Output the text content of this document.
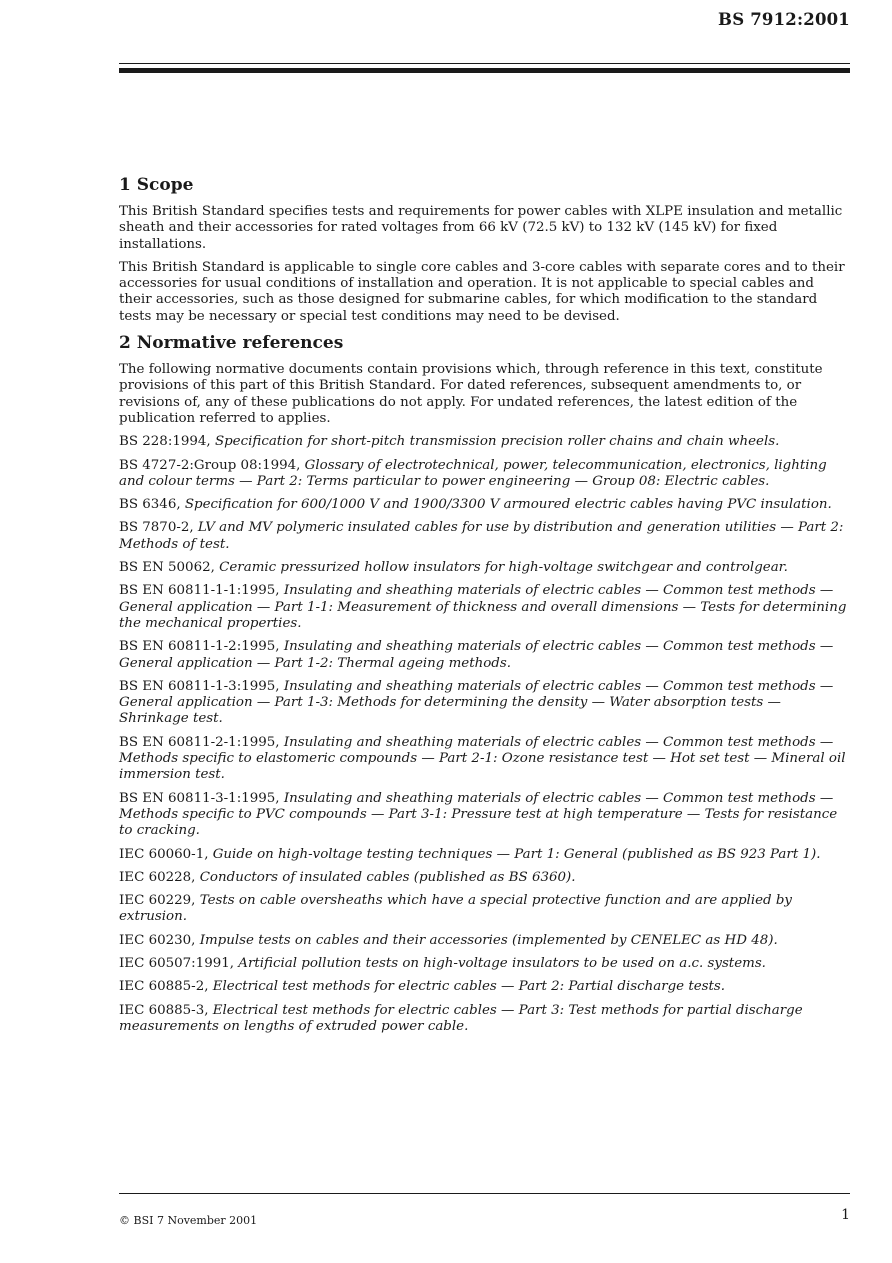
BS 7912:2001
1 Scope

This British Standard specifies tests and requirements for power cables with XLPE insulation and metallic sheath and their accessories for rated voltages from 66 kV (72.5 kV) to 132 kV (145 kV) for fixed installations.

This British Standard is applicable to single core cables and 3-core cables with separate cores and to their accessories for usual conditions of installation and operation. It is not applicable to special cables and their accessories, such as those designed for submarine cables, for which modification to the standard tests may be necessary or special test conditions may need to be devised.

2 Normative references

The following normative documents contain provisions which, through reference in this text, constitute provisions of this part of this British Standard. For dated references, subsequent amendments to, or revisions of, any of these publications do not apply. For undated references, the latest edition of the publication referred to applies.

BS 228:1994, Specification for short-pitch transmission precision roller chains and chain wheels.
BS 4727-2:Group 08:1994, Glossary of electrotechnical, power, telecommunication, electronics, lighting and colour terms — Part 2: Terms particular to power engineering — Group 08: Electric cables.
BS 6346, Specification for 600/1000 V and 1900/3300 V armoured electric cables having PVC insulation.
BS 7870-2, LV and MV polymeric insulated cables for use by distribution and generation utilities — Part 2: Methods of test.
BS EN 50062, Ceramic pressurized hollow insulators for high-voltage switchgear and controlgear.
BS EN 60811-1-1:1995, Insulating and sheathing materials of electric cables — Common test methods — General application — Part 1-1: Measurement of thickness and overall dimensions — Tests for determining the mechanical properties.
BS EN 60811-1-2:1995, Insulating and sheathing materials of electric cables — Common test methods — General application — Part 1-2: Thermal ageing methods.
BS EN 60811-1-3:1995, Insulating and sheathing materials of electric cables — Common test methods — General application — Part 1-3: Methods for determining the density — Water absorption tests — Shrinkage test.
BS EN 60811-2-1:1995, Insulating and sheathing materials of electric cables — Common test methods — Methods specific to elastomeric compounds — Part 2-1: Ozone resistance test — Hot set test — Mineral oil immersion test.
BS EN 60811-3-1:1995, Insulating and sheathing materials of electric cables — Common test methods — Methods specific to PVC compounds — Part 3-1: Pressure test at high temperature — Tests for resistance to cracking.
IEC 60060-1, Guide on high-voltage testing techniques — Part 1: General (published as BS 923 Part 1).
IEC 60228, Conductors of insulated cables (published as BS 6360).
IEC 60229, Tests on cable oversheaths which have a special protective function and are applied by extrusion.
IEC 60230, Impulse tests on cables and their accessories (implemented by CENELEC as HD 48).
IEC 60507:1991, Artificial pollution tests on high-voltage insulators to be used on a.c. systems.
IEC 60885-2, Electrical test methods for electric cables — Part 2: Partial discharge tests.
IEC 60885-3, Electrical test methods for electric cables — Part 3: Test methods for partial discharge measurements on lengths of extruded power cable.
© BSI 7 November 2001	1
